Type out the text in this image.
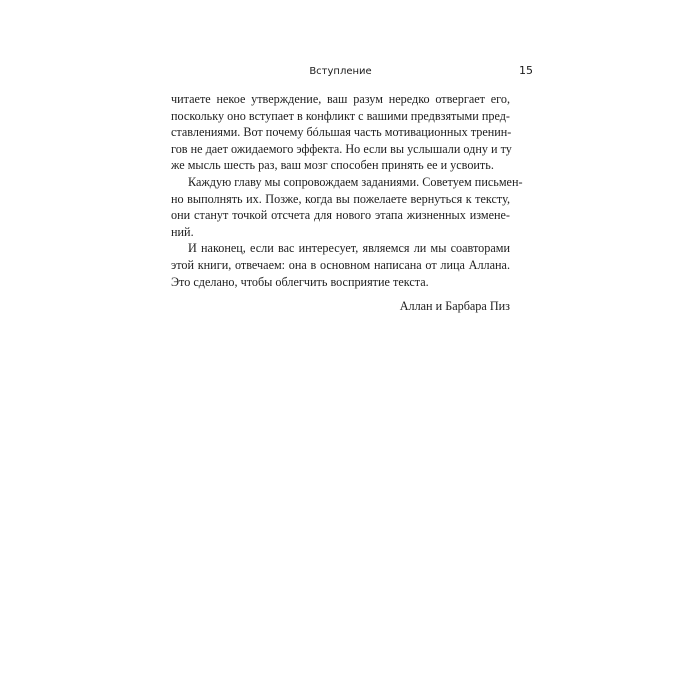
Вступление	15
читаете некое утверждение, ваш разум нередко отвергает его,
поскольку оно вступает в конфликт с вашими предвзятыми пред-
ставлениями. Вот почему бóльшая часть мотивационных тренин-
гов не дает ожидаемого эффекта. Но если вы услышали одну и ту
же мысль шесть раз, ваш мозг способен принять ее и усвоить.
Каждую главу мы сопровождаем заданиями. Советуем письмен-
но выполнять их. Позже, когда вы пожелаете вернуться к тексту,
они станут точкой отсчета для нового этапа жизненных измене-
ний.
И наконец, если вас интересует, являемся ли мы соавторами
этой книги, отвечаем: она в основном написана от лица Аллана.
Это сделано, чтобы облегчить восприятие текста.
Аллан и Барбара Пиз
